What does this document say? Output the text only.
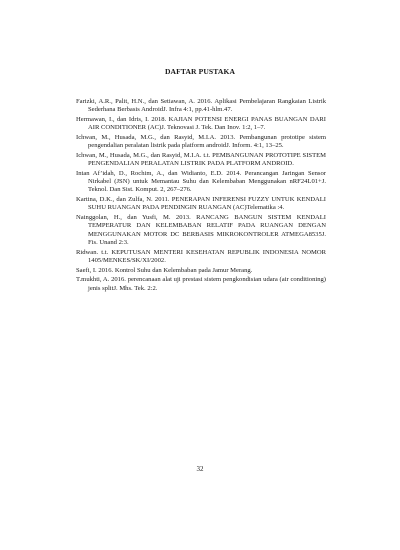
DAFTAR PUSTAKA
Farizki, A.R., Palit, H.N., dan Setiawan, A. 2016. Aplikasi Pembelajaran Rangkaian Listrik Sederhana Berbasis AndroidJ. Infra 4:1, pp.41-hlm.47.
Hermawan, I., dan Idris, I. 2018. KAJIAN POTENSI ENERGI PANAS BUANGAN DARI AIR CONDITIONER (AC)J. Teknovasi J. Tek. Dan Inov. 1:2, 1–7.
Ichwan, M., Husada, M.G., dan Rasyid, M.I.A. 2013. Pembangunan prototipe sistem pengendalian peralatan listrik pada platform androidJ. Inform. 4:1, 13–25.
Ichwan, M., Husada, M.G., dan Rasyid, M.I.A. t.t. PEMBANGUNAN PROTOTIPE SISTEM PENGENDALIAN PERALATAN LISTRIK PADA PLATFORM ANDROID.
Intan Af’idah, D., Rochim, A., dan Widianto, E.D. 2014. Perancangan Jaringan Sensor Nirkabel (JSN) untuk Memantau Suhu dan Kelembaban Menggunakan nRF24L01+J. Teknol. Dan Sist. Komput. 2, 267–276.
Kartina, D.K., dan Zulfa, N. 2011. PENERAPAN INFERENSI FUZZY UNTUK KENDALI SUHU RUANGAN PADA PENDINGIN RUANGAN (AC)Telematika :4.
Nainggolan, H., dan Yusfi, M. 2013. RANCANG BANGUN SISTEM KENDALI TEMPERATUR DAN KELEMBABAN RELATIF PADA RUANGAN DENGAN MENGGUNAKAN MOTOR DC BERBASIS MIKROKONTROLER ATMEGA8535J. Fis. Unand 2:3.
Ridwan. t.t. KEPUTUSAN MENTERI KESEHATAN REPUBLIK INDONESIA NOMOR 1405/MENKES/SK/XI/2002.
Saefi, I. 2016. Kontrol Suhu dan Kelembaban pada Jamur Merang.
T.mukhti, A. 2016. perencanaan alat uji prestasi sistem pengkondisian udara (air conditioning) jenis splitJ. Mhs. Tek. 2:2.
32
